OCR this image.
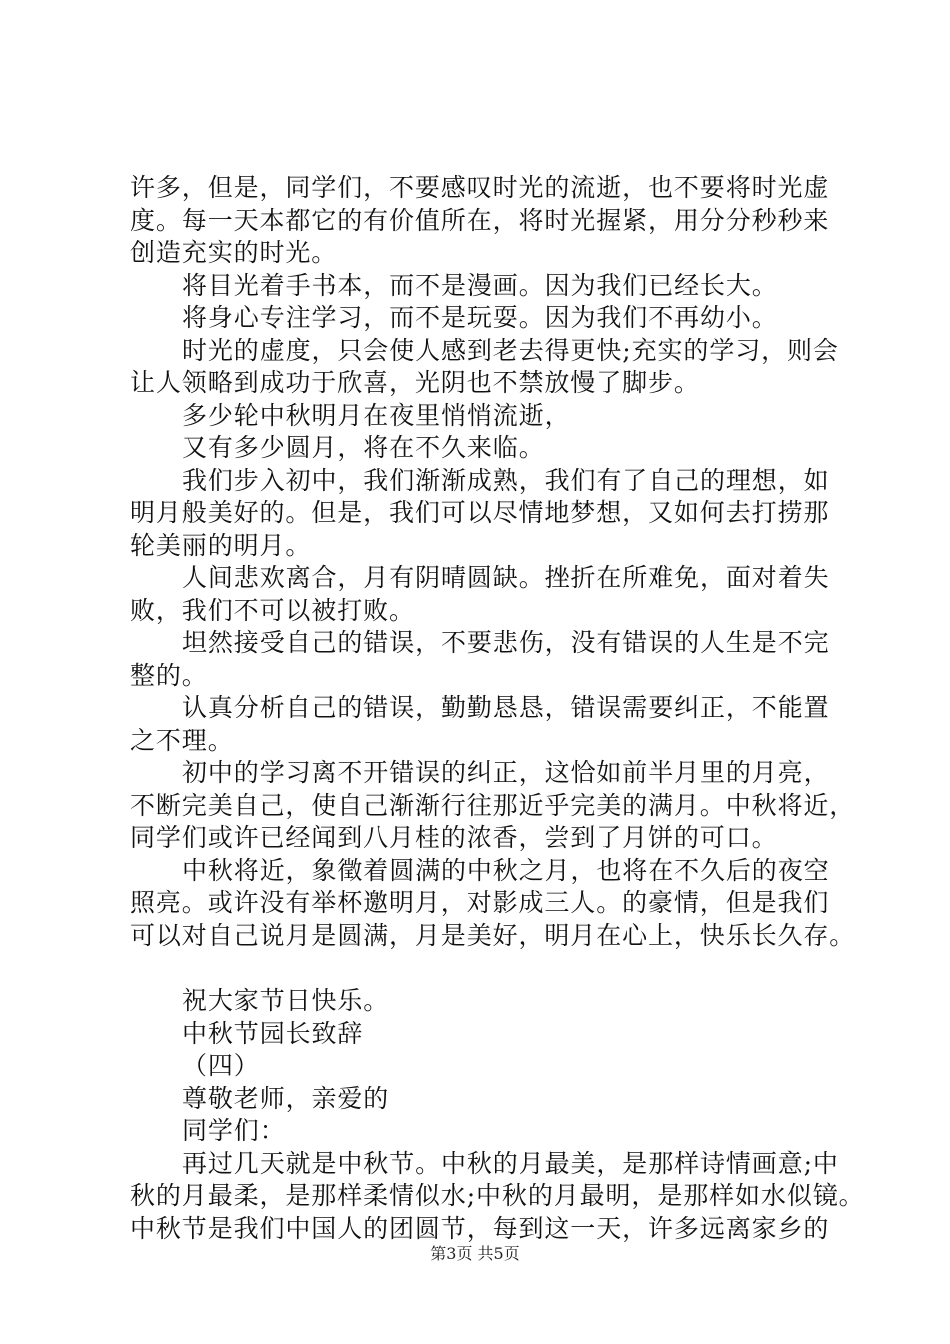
许多，但是，同学们，不要感叹时光的流逝，也不要将时光虚
度。每一天本都它的有价值所在，将时光握紧，用分分秒秒来
创造充实的时光。
将目光着手书本，而不是漫画。因为我们已经长大。
将身心专注学习，而不是玩耍。因为我们不再幼小。
时光的虚度，只会使人感到老去得更快;充实的学习，则会
让人领略到成功于欣喜，光阴也不禁放慢了脚步。
多少轮中秋明月在夜里悄悄流逝，
又有多少圆月，将在不久来临。
我们步入初中，我们渐渐成熟，我们有了自己的理想，如
明月般美好的。但是，我们可以尽情地梦想，又如何去打捞那
轮美丽的明月。
人间悲欢离合，月有阴晴圆缺。挫折在所难免，面对着失
败，我们不可以被打败。
坦然接受自己的错误，不要悲伤，没有错误的人生是不完
整的。
认真分析自己的错误，勤勤恳恳，错误需要纠正，不能置
之不理。
初中的学习离不开错误的纠正，这恰如前半月里的月亮，
不断完美自己，使自己渐渐行往那近乎完美的满月。中秋将近，
同学们或许已经闻到八月桂的浓香，尝到了月饼的可口。
中秋将近，象徵着圆满的中秋之月，也将在不久后的夜空
照亮。或许没有举杯邀明月，对影成三人。的豪情，但是我们
可以对自己说月是圆满，月是美好，明月在心上，快乐长久存。
祝大家节日快乐。
中秋节园长致辞
（四）
尊敬老师，亲爱的
同学们：
再过几天就是中秋节。中秋的月最美，是那样诗情画意;中
秋的月最柔，是那样柔情似水;中秋的月最明，是那样如水似镜。
中秋节是我们中国人的团圆节，每到这一天，许多远离家乡的
第3页 共5页
